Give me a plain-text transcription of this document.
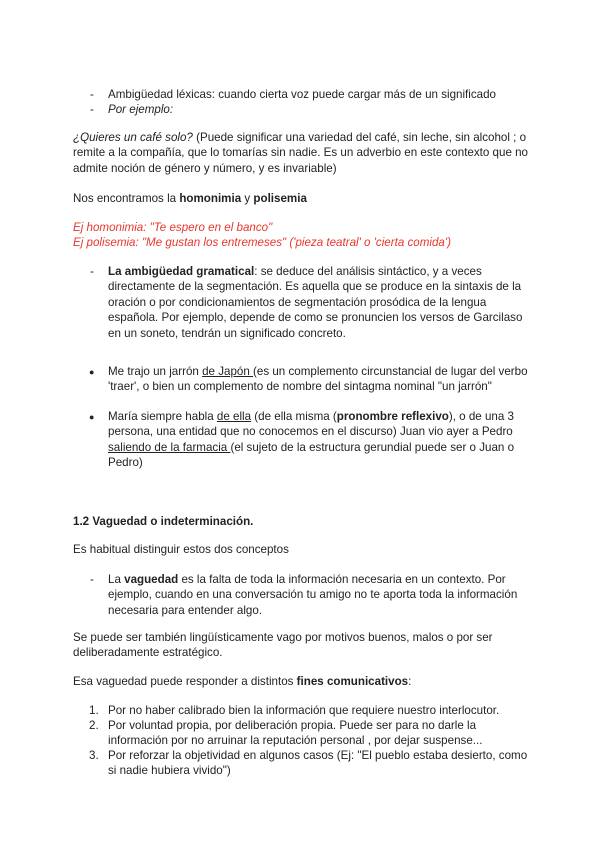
- Ambigüedad léxicas: cuando cierta voz puede cargar más de un significado

- Por ejemplo:

¿Quieres un café solo? (Puede significar una variedad del café, sin leche, sin alcohol ; o remite a la compañía, que lo tomarías sin nadie. Es un adverbio en este contexto que no admite noción de género y número, y es invariable)

Nos encontramos la homonimia y polisemia

Ej homonimia: "Te espero en el banco"

Ej polisemia: "Me gustan los entremeses" ('pieza teatral' o 'cierta comida')

- La ambigüedad gramatical: se deduce del análisis sintáctico, y a veces directamente de la segmentación. Es aquella que se produce en la sintaxis de la oración o por condicionamientos de segmentación prosódica de la lengua española. Por ejemplo, depende de como se pronuncien los versos de Garcilaso en un soneto, tendrán un significado concreto.

● Me trajo un jarrón de Japón (es un complemento circunstancial de lugar del verbo 'traer', o bien un complemento de nombre del sintagma nominal "un jarrón"

● María siempre habla de ella (de ella misma (pronombre reflexivo), o de una 3 persona, una entidad que no conocemos en el discurso) Juan vio ayer a Pedro saliendo de la farmacia (el sujeto de la estructura gerundial puede ser o Juan o Pedro)

1.2 Vaguedad o indeterminación.

Es habitual distinguir estos dos conceptos

- La vaguedad es la falta de toda la información necesaria en un contexto. Por ejemplo, cuando en una conversación tu amigo no te aporta toda la información necesaria para entender algo.

Se puede ser también lingüísticamente vago por motivos buenos, malos o por ser deliberadamente estratégico.

Esa vaguedad puede responder a distintos fines comunicativos:

1. Por no haber calibrado bien la información que requiere nuestro interlocutor.

2. Por voluntad propia, por deliberación propia. Puede ser para no darle la información por no arruinar la reputación personal , por dejar suspense...

3. Por reforzar la objetividad en algunos casos (Ej: "El pueblo estaba desierto, como si nadie hubiera vivido")
